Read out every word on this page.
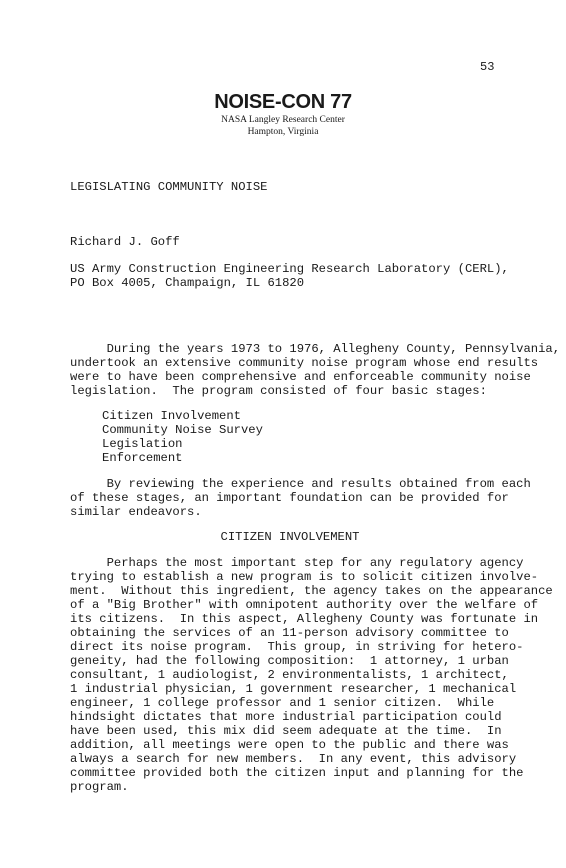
53
NOISE-CON 77
NASA Langley Research Center
Hampton, Virginia
LEGISLATING COMMUNITY NOISE
Richard J. Goff
US Army Construction Engineering Research Laboratory (CERL),
PO Box 4005, Champaign, IL 61820
During the years 1973 to 1976, Allegheny County, Pennsylvania,
undertook an extensive community noise program whose end results
were to have been comprehensive and enforceable community noise
legislation.  The program consisted of four basic stages:
Citizen Involvement
Community Noise Survey
Legislation
Enforcement
By reviewing the experience and results obtained from each
of these stages, an important foundation can be provided for
similar endeavors.
CITIZEN INVOLVEMENT
Perhaps the most important step for any regulatory agency
trying to establish a new program is to solicit citizen involve-
ment.  Without this ingredient, the agency takes on the appearance
of a "Big Brother" with omnipotent authority over the welfare of
its citizens.  In this aspect, Allegheny County was fortunate in
obtaining the services of an 11-person advisory committee to
direct its noise program.  This group, in striving for hetero-
geneity, had the following composition:  1 attorney, 1 urban
consultant, 1 audiologist, 2 environmentalists, 1 architect,
1 industrial physician, 1 government researcher, 1 mechanical
engineer, 1 college professor and 1 senior citizen.  While
hindsight dictates that more industrial participation could
have been used, this mix did seem adequate at the time.  In
addition, all meetings were open to the public and there was
always a search for new members.  In any event, this advisory
committee provided both the citizen input and planning for the
program.
